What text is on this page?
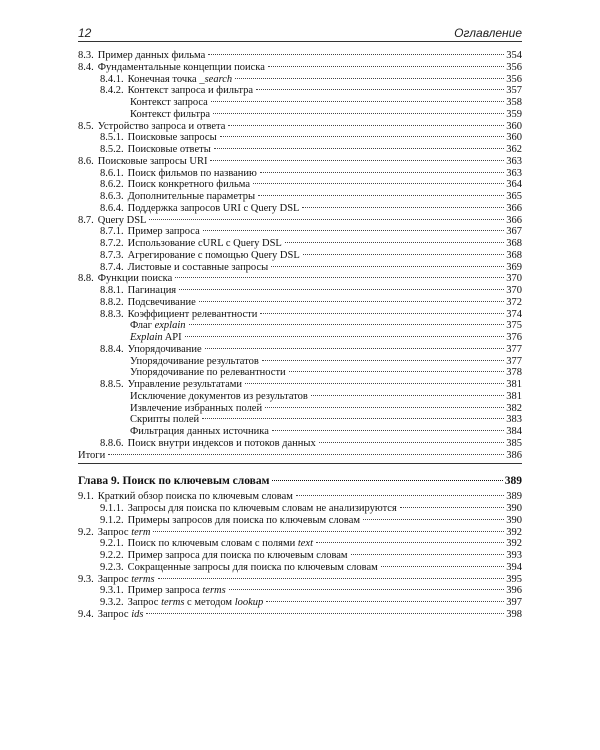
12	Оглавление
8.3. Пример данных фильма	354
8.4. Фундаментальные концепции поиска	356
8.4.1. Конечная точка _search	356
8.4.2. Контекст запроса и фильтра	357
Контекст запроса	358
Контекст фильтра	359
8.5. Устройство запроса и ответа	360
8.5.1. Поисковые запросы	360
8.5.2. Поисковые ответы	362
8.6. Поисковые запросы URI	363
8.6.1. Поиск фильмов по названию	363
8.6.2. Поиск конкретного фильма	364
8.6.3. Дополнительные параметры	365
8.6.4. Поддержка запросов URI с Query DSL	366
8.7. Query DSL	366
8.7.1. Пример запроса	367
8.7.2. Использование cURL с Query DSL	368
8.7.3. Агрегирование с помощью Query DSL	368
8.7.4. Листовые и составные запросы	369
8.8. Функции поиска	370
8.8.1. Пагинация	370
8.8.2. Подсвечивание	372
8.8.3. Коэффициент релевантности	374
Флаг explain	375
Explain API	376
8.8.4. Упорядочивание	377
Упорядочивание результатов	377
Упорядочивание по релевантности	378
8.8.5. Управление результатами	381
Исключение документов из результатов	381
Извлечение избранных полей	382
Скрипты полей	383
Фильтрация данных источника	384
8.8.6. Поиск внутри индексов и потоков данных	385
Итоги	386
Глава 9. Поиск по ключевым словам	389
9.1. Краткий обзор поиска по ключевым словам	389
9.1.1. Запросы для поиска по ключевым словам не анализируются	390
9.1.2. Примеры запросов для поиска по ключевым словам	390
9.2. Запрос term	392
9.2.1. Поиск по ключевым словам с полями text	392
9.2.2. Пример запроса для поиска по ключевым словам	393
9.2.3. Сокращенные запросы для поиска по ключевым словам	394
9.3. Запрос terms	395
9.3.1. Пример запроса terms	396
9.3.2. Запрос terms с методом lookup	397
9.4. Запрос ids	398
